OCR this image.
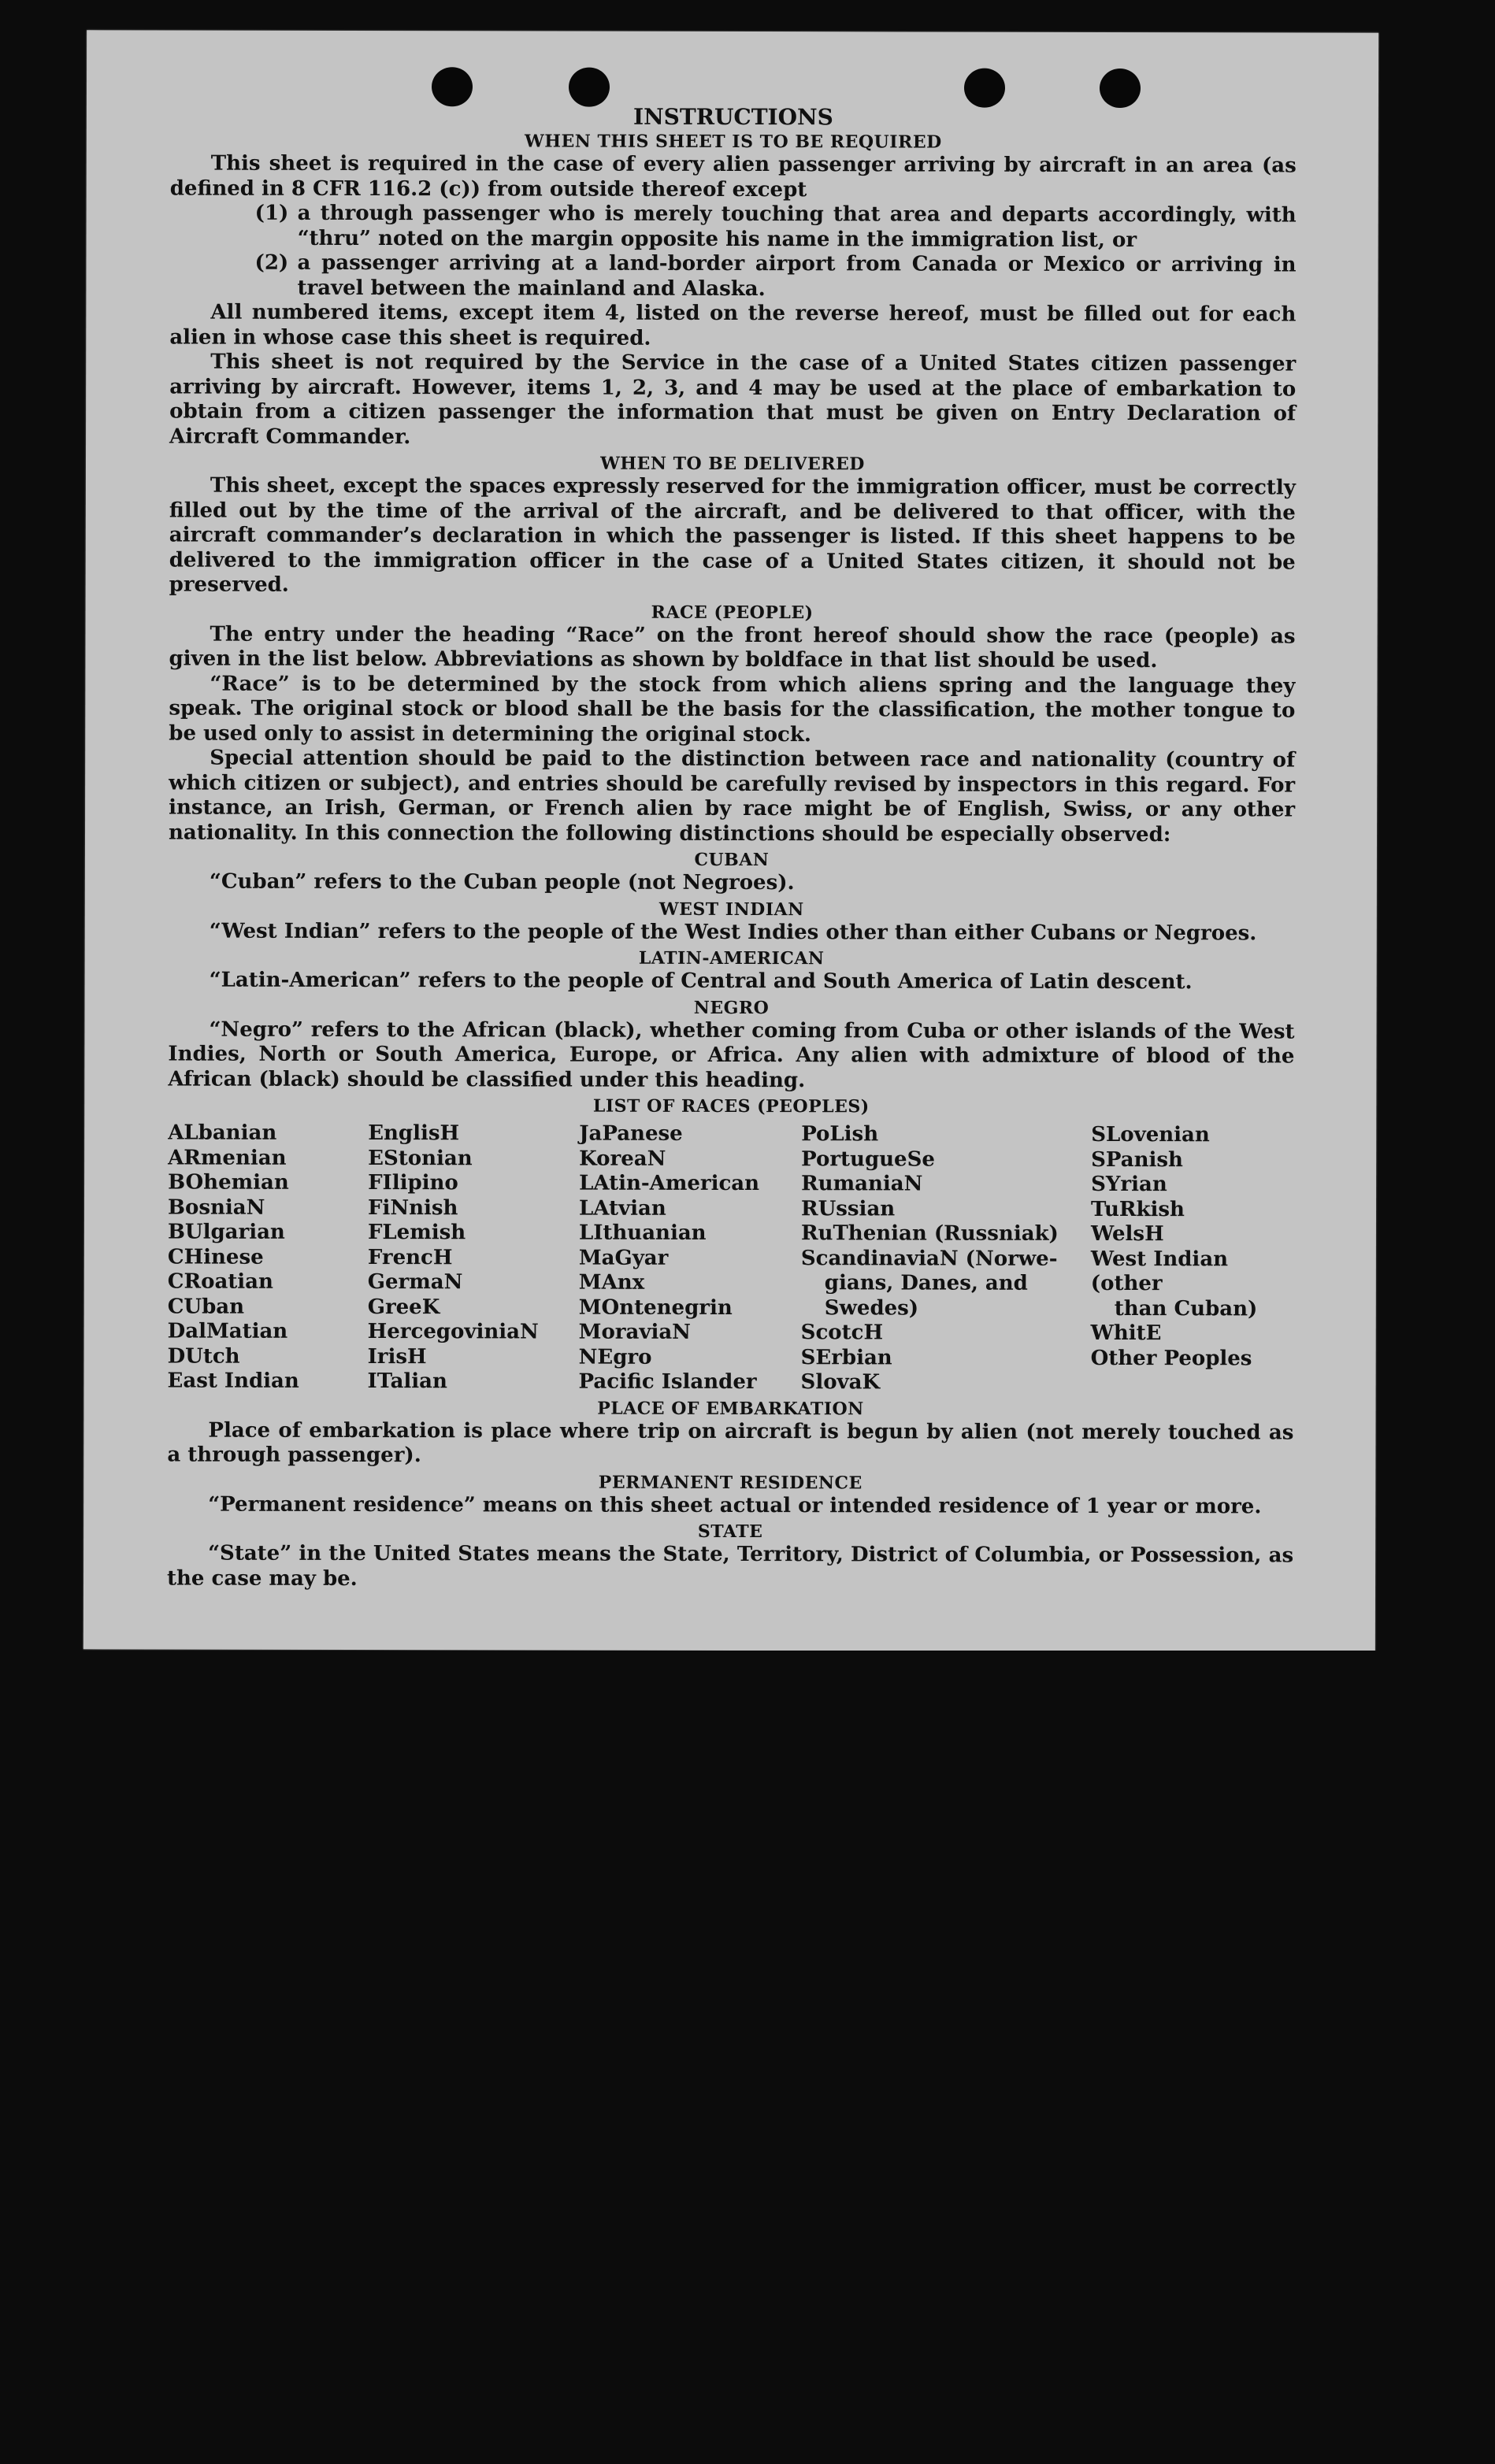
INSTRUCTIONS
WHEN THIS SHEET IS TO BE REQUIRED
This sheet is required in the case of every alien passenger arriving by aircraft in an area (as defined in 8 CFR 116.2 (c)) from outside thereof except
(1) a through passenger who is merely touching that area and departs accordingly, with “thru” noted on the margin opposite his name in the immigration list, or
(2) a passenger arriving at a land-border airport from Canada or Mexico or arriving in travel between the mainland and Alaska.
All numbered items, except item 4, listed on the reverse hereof, must be filled out for each alien in whose case this sheet is required.
This sheet is not required by the Service in the case of a United States citizen passenger arriving by aircraft. However, items 1, 2, 3, and 4 may be used at the place of embarkation to obtain from a citizen passenger the information that must be given on Entry Declaration of Aircraft Commander.
WHEN TO BE DELIVERED
This sheet, except the spaces expressly reserved for the immigration officer, must be correctly filled out by the time of the arrival of the aircraft, and be delivered to that officer, with the aircraft commander’s declaration in which the passenger is listed. If this sheet happens to be delivered to the immigration officer in the case of a United States citizen, it should not be preserved.
RACE (PEOPLE)
The entry under the heading “Race” on the front hereof should show the race (people) as given in the list below. Abbreviations as shown by boldface in that list should be used.
“Race” is to be determined by the stock from which aliens spring and the language they speak. The original stock or blood shall be the basis for the classification, the mother tongue to be used only to assist in determining the original stock.
Special attention should be paid to the distinction between race and nationality (country of which citizen or subject), and entries should be carefully revised by inspectors in this regard. For instance, an Irish, German, or French alien by race might be of English, Swiss, or any other nationality. In this connection the following distinctions should be especially observed:
CUBAN
“Cuban” refers to the Cuban people (not Negroes).
WEST INDIAN
“West Indian” refers to the people of the West Indies other than either Cubans or Negroes.
LATIN-AMERICAN
“Latin-American” refers to the people of Central and South America of Latin descent.
NEGRO
“Negro” refers to the African (black), whether coming from Cuba or other islands of the West Indies, North or South America, Europe, or Africa. Any alien with admixture of blood of the African (black) should be classified under this heading.
LIST OF RACES (PEOPLES)
ALbanian
ARmenian
BOhemian
BosniaN
BUlgarian
CHinese
CRoatian
CUban
DalMatian
DUtch
East Indian
EnglisH
EStonian
FIlipino
FiNnish
FLemish
FrencH
GermaN
GreeK
HercegoviniaN
IrisH
ITalian
JaPanese
KoreaN
LAtin-American
LAtvian
LIthuanian
MaGyar
MAnx
MOntenegrin
MoraviaN
NEgro
Pacific Islander
PoLish
PortugueSe
RumaniaN
RUssian
RuThenian (Russniak)
ScandinaviaN (Norwe-
gians, Danes, and
Swedes)
ScotcH
SErbian
SlovaK
SLovenian
SPanish
SYrian
TuRkish
WelsH
West Indian (other
than Cuban)
WhitE
Other Peoples
PLACE OF EMBARKATION
Place of embarkation is place where trip on aircraft is begun by alien (not merely touched as a through passenger).
PERMANENT RESIDENCE
“Permanent residence” means on this sheet actual or intended residence of 1 year or more.
STATE
“State” in the United States means the State, Territory, District of Columbia, or Possession, as the case may be.
